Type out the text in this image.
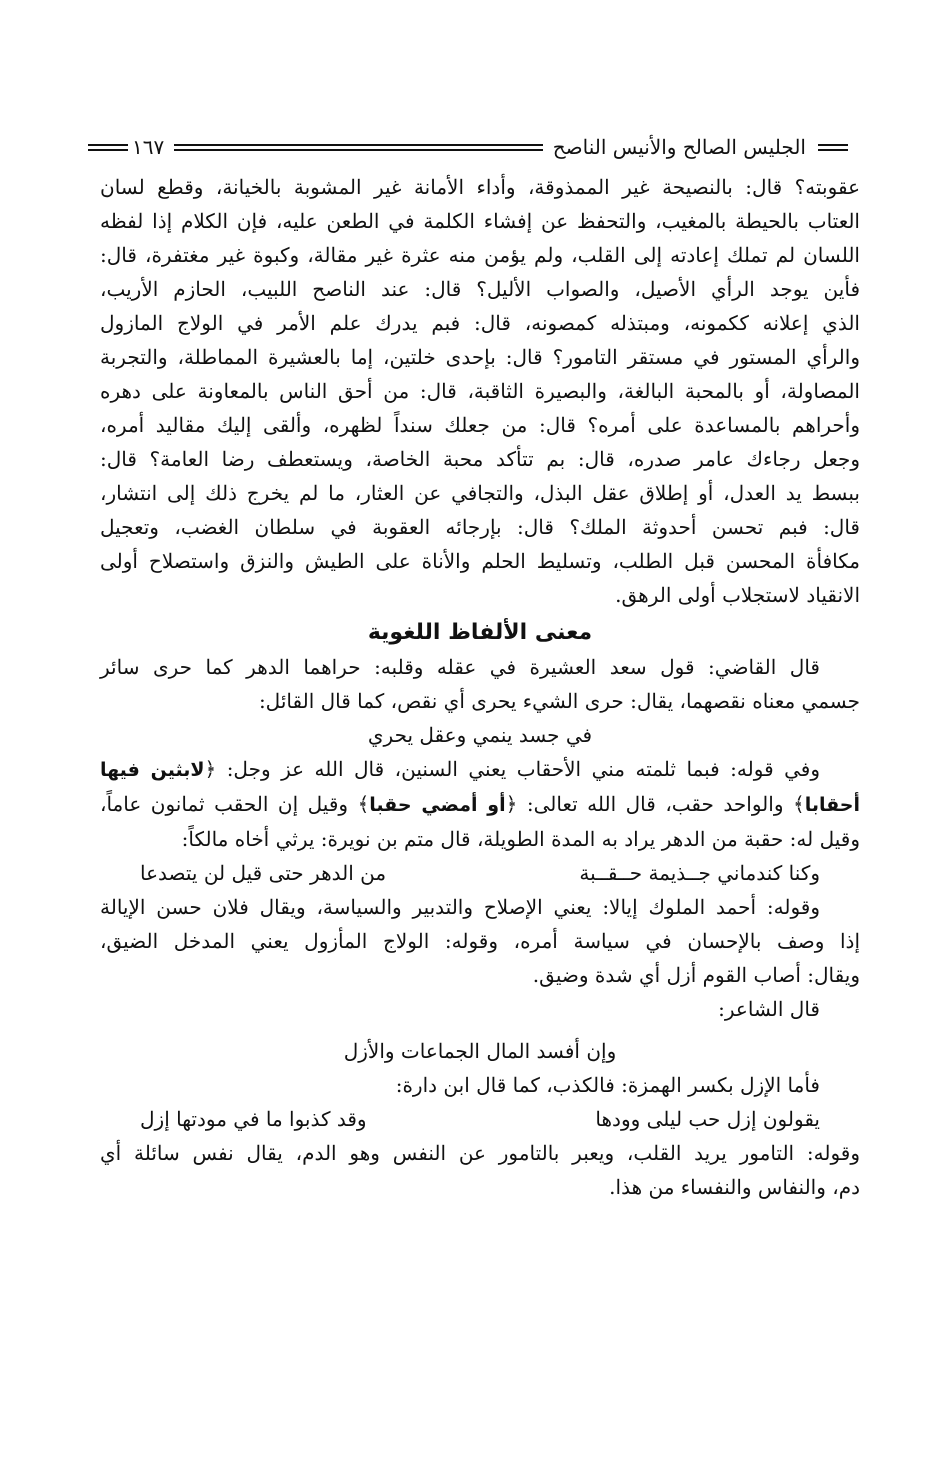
الجليس الصالح والأنيس الناصح
١٦٧

عقوبته؟ قال: بالنصيحة غير الممذوقة، وأداء الأمانة غير المشوبة بالخيانة، وقطع لسان
العتاب بالحيطة بالمغيب، والتحفظ عن إفشاء الكلمة في الطعن عليه، فإن الكلام إذا لفظه
اللسان لم تملك إعادته إلى القلب، ولم يؤمن منه عثرة غير مقالة، وكبوة غير مغتفرة، قال:
فأين يوجد الرأي الأصيل، والصواب الأليل؟ قال: عند الناصح اللبيب، الحازم الأريب،
الذي إعلانه ككمونه، ومبتذله كمصونه، قال: فبم يدرك علم الأمر في الولاج المازول
والرأي المستور في مستقر التامور؟ قال: بإحدى خلتين، إما بالعشيرة المماطلة، والتجربة
المصاولة، أو بالمحبة البالغة، والبصيرة الثاقبة، قال: من أحق الناس بالمعاونة على دهره
وأحراهم بالمساعدة على أمره؟ قال: من جعلك سنداً لظهره، وألقى إليك مقاليد أمره،
وجعل رجاءك عامر صدره، قال: بم تتأكد محبة الخاصة، ويستعطف رضا العامة؟ قال:
ببسط يد العدل، أو إطلاق عقل البذل، والتجافي عن العثار، ما لم يخرج ذلك إلى انتشار،
قال: فبم تحسن أحدوثة الملك؟ قال: بإرجائه العقوبة في سلطان الغضب، وتعجيل
مكافأة المحسن قبل الطلب، وتسليط الحلم والأناة على الطيش والنزق واستصلاح أولى
الانقياد لاستجلاب أولى الرهق.

معنى الألفاظ اللغوية

قال القاضي: قول سعد العشيرة في عقله وقلبه: حراهما الدهر كما حرى سائر
جسمي معناه نقصهما، يقال: حرى الشيء يحرى أي نقص، كما قال القائل:

في جسد ينمي وعقل يحري

وفي قوله: فبما ثلمته مني الأحقاب يعني السنين، قال الله عز وجل: ﴿لابثين فيها
أحقابا﴾ والواحد حقب، قال الله تعالى: ﴿أو أمضي حقبا﴾ وقيل إن الحقب ثمانون عاماً،
وقيل له: حقبة من الدهر يراد به المدة الطويلة، قال متم بن نويرة: يرثي أخاه مالكاً:

وكنا كندماني جــذيمة حــقــبة
من الدهر حتى قيل لن يتصدعا

وقوله: أحمد الملوك إيالا: يعني الإصلاح والتدبير والسياسة، ويقال فلان حسن الإيالة
إذا وصف بالإحسان في سياسة أمره، وقوله: الولاج المأزول يعني المدخل الضيق،
ويقال: أصاب القوم أزل أي شدة وضيق.

قال الشاعر:

وإن أفسد المال الجماعات والأزل

فأما الإزل بكسر الهمزة: فالكذب، كما قال ابن دارة:

يقولون إزل حب ليلى وودها
وقد كذبوا ما في مودتها إزل

وقوله: التامور يريد القلب، ويعبر بالتامور عن النفس وهو الدم، يقال نفس سائلة أي
دم، والنفاس والنفساء من هذا.
